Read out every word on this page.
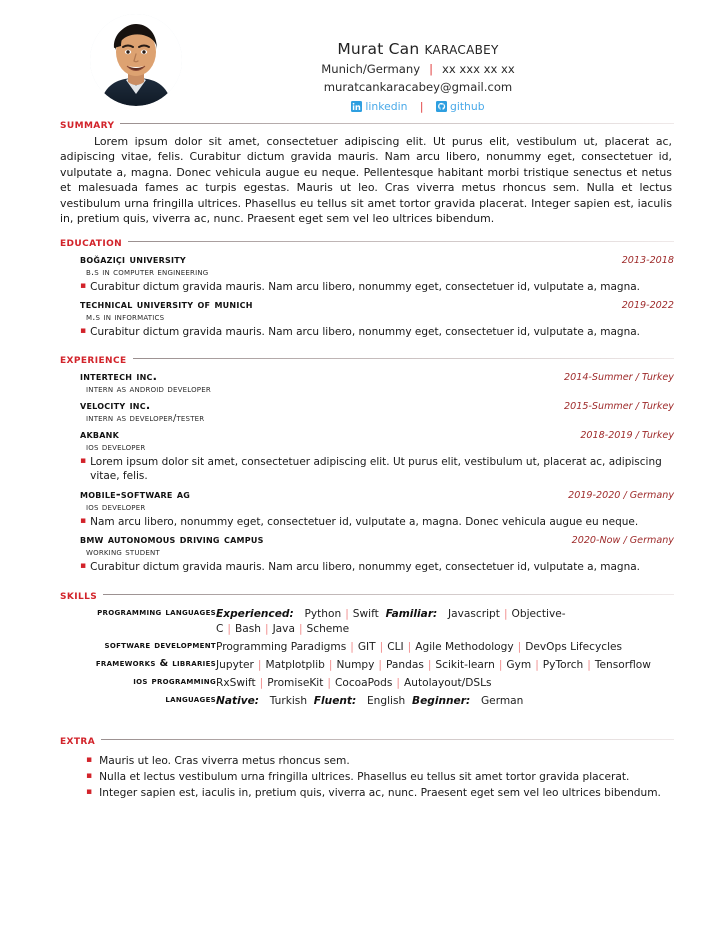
Murat Can karacabey
Munich/Germany | xx xxx xx xx
muratcankaracabey@gmail.com
linkedin | github
summary

Lorem ipsum dolor sit amet, consectetuer adipiscing elit. Ut purus elit, vestibulum ut, placerat ac, adipiscing vitae, felis. Curabitur dictum gravida mauris. Nam arcu libero, nonummy eget, consectetuer id, vulputate a, magna. Donec vehicula augue eu neque. Pellentesque habitant morbi tristique senectus et netus et malesuada fames ac turpis egestas. Mauris ut leo. Cras viverra metus rhoncus sem. Nulla et lectus vestibulum urna fringilla ultrices. Phasellus eu tellus sit amet tortor gravida placerat. Integer sapien est, iaculis in, pretium quis, viverra ac, nunc. Praesent eget sem vel leo ultrices bibendum.

education
boğaziçi university	2013-2018
b.s in computer engineering
▪ Curabitur dictum gravida mauris. Nam arcu libero, nonummy eget, consectetuer id, vulputate a, magna.
technical university of munich	2019-2022
m.s in informatics
▪ Curabitur dictum gravida mauris. Nam arcu libero, nonummy eget, consectetuer id, vulputate a, magna.
experience
intertech inc.	2014-Summer / Turkey
intern as android developer
velocity inc.	2015-Summer / Turkey
intern as developer/tester
akbank	2018-2019 / Turkey
ios developer
▪ Lorem ipsum dolor sit amet, consectetuer adipiscing elit. Ut purus elit, vestibulum ut, placerat ac, adipiscing vitae, felis.
mobile-software ag	2019-2020 / Germany
ios developer
▪ Nam arcu libero, nonummy eget, consectetuer id, vulputate a, magna. Donec vehicula augue eu neque.
bmw autonomous driving campus	2020-Now / Germany
working student
▪ Curabitur dictum gravida mauris. Nam arcu libero, nonummy eget, consectetuer id, vulputate a, magna.
skills
programming languages	Experienced: Python | Swift Familiar: Javascript | Objective-C | Bash | Java | Scheme
software development	Programming Paradigms | GIT | CLI | Agile Methodology | DevOps Lifecycles
frameworks & libraries	Jupyter | Matplotplib | Numpy | Pandas | Scikit-learn | Gym | PyTorch | Tensorflow
ios programming	RxSwift | PromiseKit | CocoaPods | Autolayout/DSLs
languages	Native: Turkish Fluent: English Beginner: German
extra
▪ Mauris ut leo. Cras viverra metus rhoncus sem.
▪ Nulla et lectus vestibulum urna fringilla ultrices. Phasellus eu tellus sit amet tortor gravida placerat.
▪ Integer sapien est, iaculis in, pretium quis, viverra ac, nunc. Praesent eget sem vel leo ultrices bibendum.
